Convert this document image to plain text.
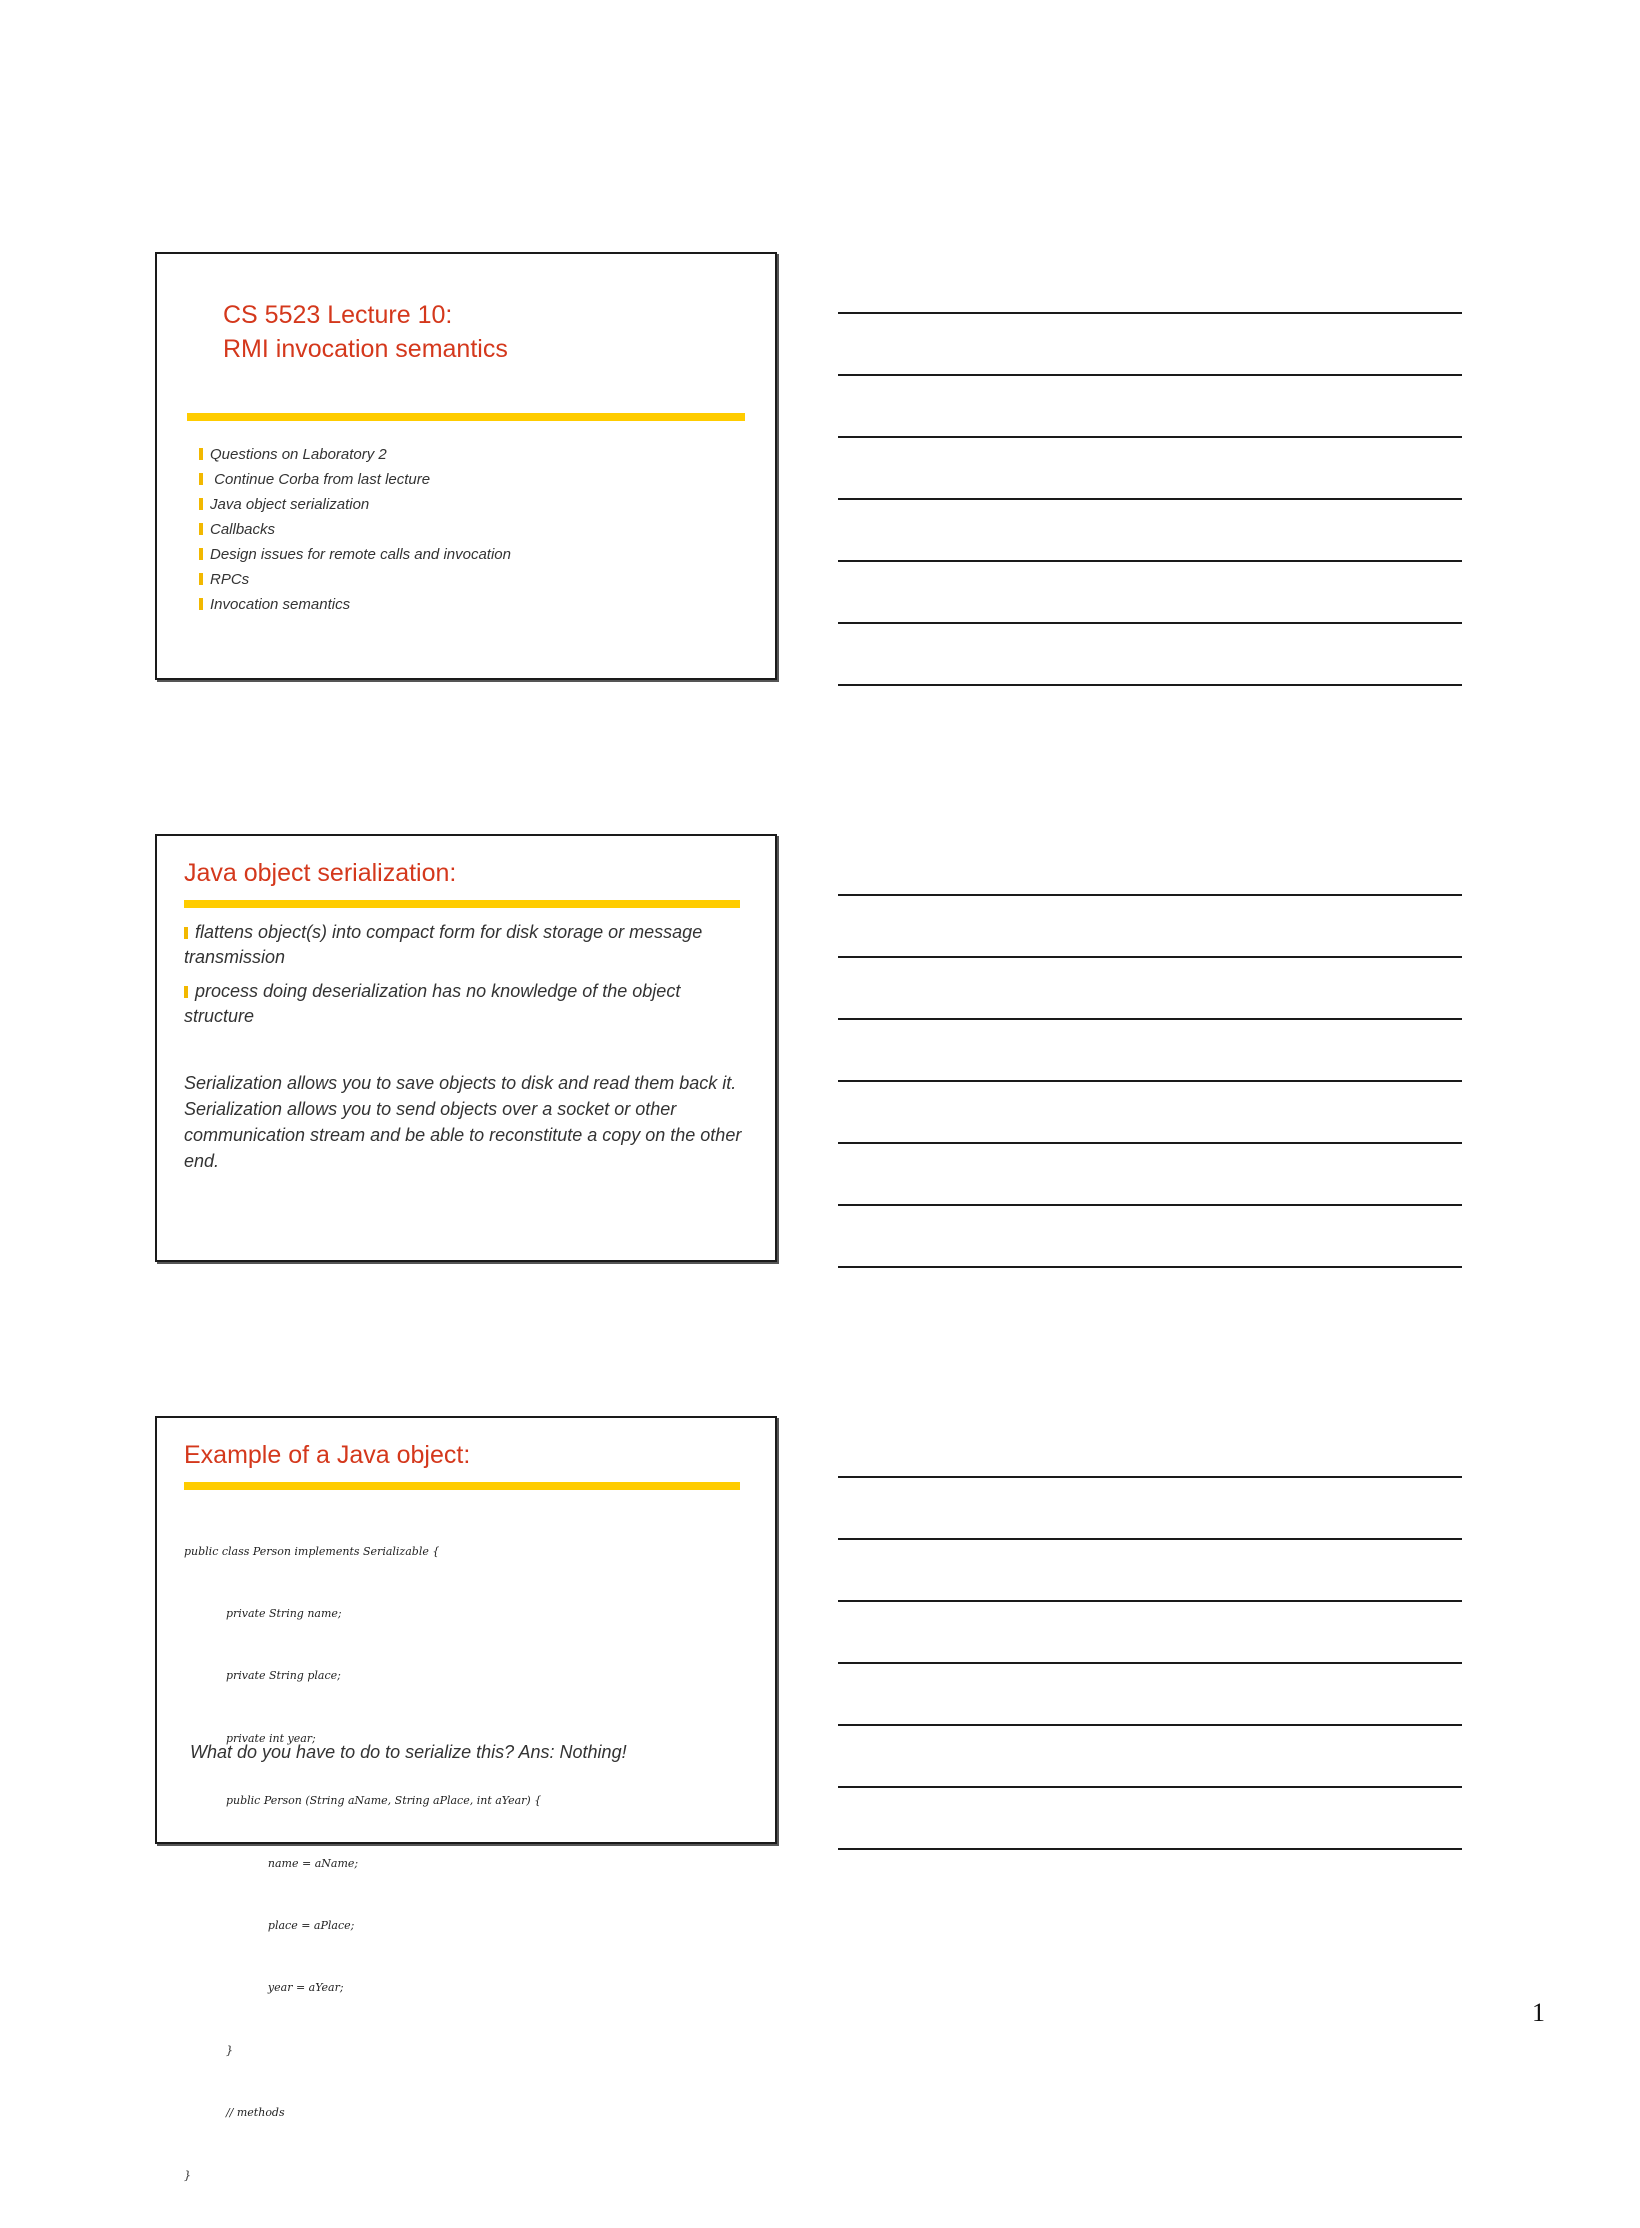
CS 5523 Lecture 10:
RMI invocation semantics
Questions on Laboratory 2
Continue Corba from last lecture
Java object serialization
Callbacks
Design issues for remote calls and invocation
RPCs
Invocation semantics
Java object serialization:
flattens object(s) into compact form for disk storage or message transmission
process doing deserialization has no knowledge of the object structure

Serialization allows you to save objects to disk and read them back it. Serialization allows you to send objects over a socket or other communication stream and be able to reconstitute a copy on the other end.

Example of a Java object:

public class Person implements Serializable {

private String name;

private String place;

private int year;

public Person (String aName, String aPlace, int aYear) {

name = aName;

place = aPlace;

year = aYear;

}

// methods

}

What do you have to do to serialize this? Ans: Nothing!
1
